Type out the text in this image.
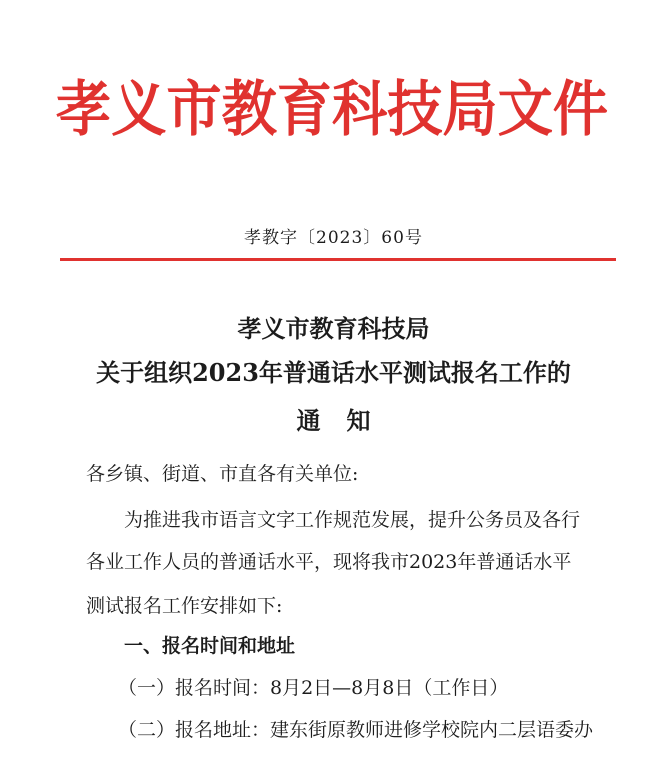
孝义市教育科技局文件
孝教字〔2023〕60号
孝义市教育科技局
关于组织2023年普通话水平测试报名工作的
通知
各乡镇、街道、市直各有关单位:
为推进我市语言文字工作规范发展，提升公务员及各行
各业工作人员的普通话水平，现将我市2023年普通话水平
测试报名工作安排如下:
一、报名时间和地址
（一）报名时间：8月2日—8月8日（工作日）
（二）报名地址：建东街原教师进修学校院内二层语委办
